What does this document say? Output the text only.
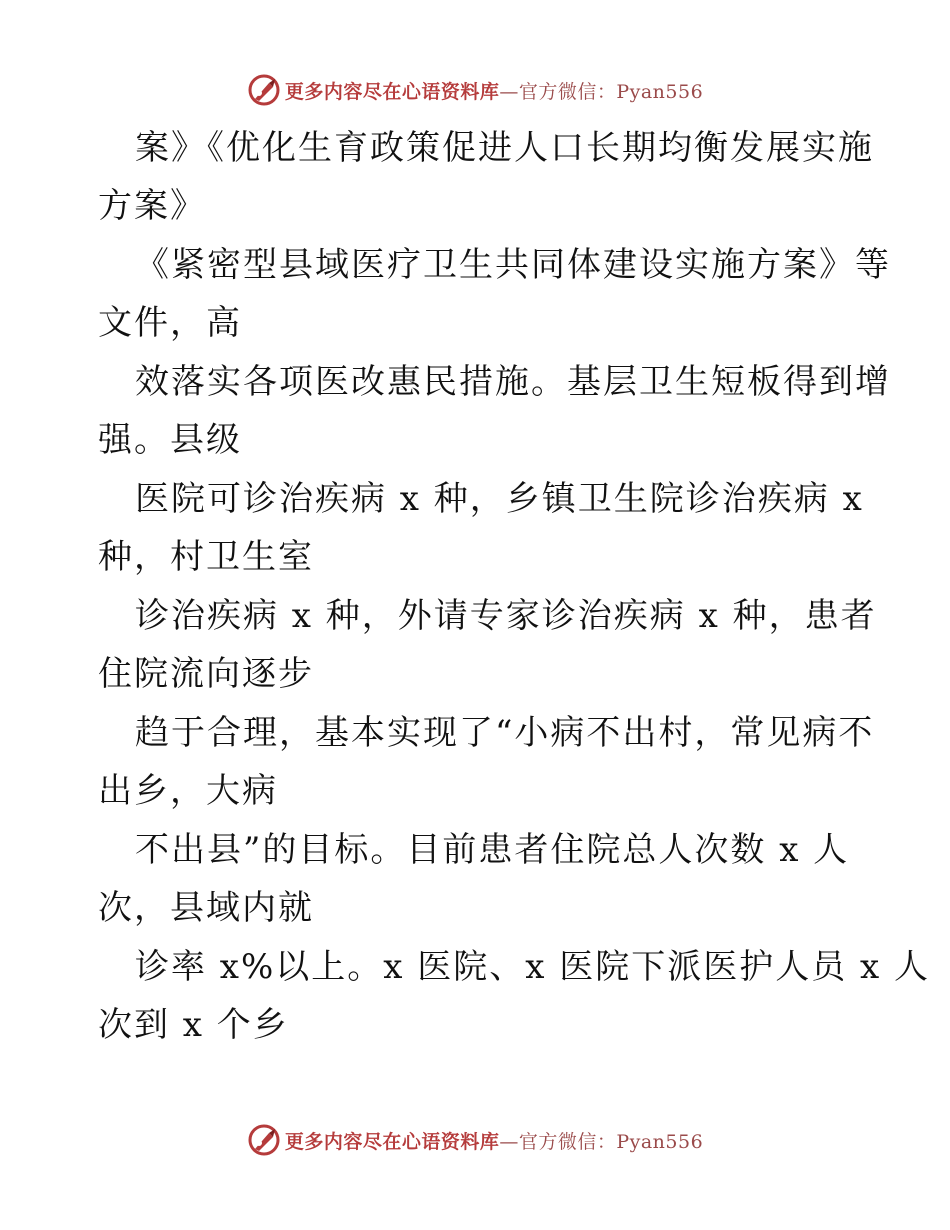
更多内容尽在心语资料库—官方微信：Pyan556
案》《优化生育政策促进人口长期均衡发展实施
方案》
《紧密型县域医疗卫生共同体建设实施方案》等
文件，高
效落实各项医改惠民措施。基层卫生短板得到增
强。县级
医院可诊治疾病 x 种，乡镇卫生院诊治疾病 x
种，村卫生室
诊治疾病 x 种，外请专家诊治疾病 x 种，患者
住院流向逐步
趋于合理，基本实现了“小病不出村，常见病不
出乡，大病
不出县”的目标。目前患者住院总人次数 x 人
次，县域内就
诊率 x%以上。x 医院、x 医院下派医护人员 x 人
次到 x 个乡
更多内容尽在心语资料库—官方微信：Pyan556
